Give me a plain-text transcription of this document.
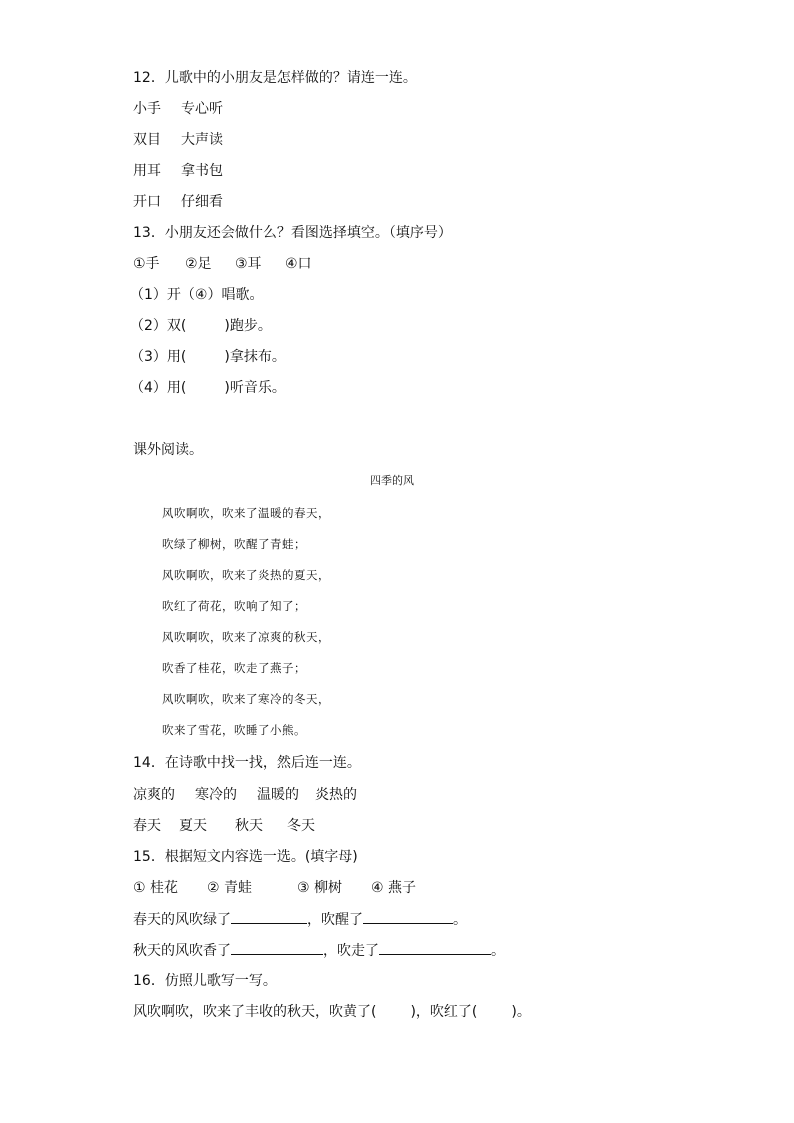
12．儿歌中的小朋友是怎样做的？请连一连。
小手 专心听
双目 大声读
用耳 拿书包
开口 仔细看
13．小朋友还会做什么？看图选择填空。（填序号）
①手 ②足 ③耳 ④口
（1）开（④）唱歌。
（2）双(	)跑步。
（3）用(	)拿抹布。
（4）用(	)听音乐。
课外阅读。
四季的风
风吹啊吹，吹来了温暖的春天，
吹绿了柳树，吹醒了青蛙；
风吹啊吹，吹来了炎热的夏天，
吹红了荷花，吹响了知了；
风吹啊吹，吹来了凉爽的秋天，
吹香了桂花，吹走了燕子；
风吹啊吹，吹来了寒冷的冬天，
吹来了雪花，吹睡了小熊。
14．在诗歌中找一找，然后连一连。
凉爽的 寒冷的 温暖的 炎热的
春天 夏天 秋天 冬天
15．根据短文内容选一选。(填字母)
① 桂花 ② 青蛙	③ 柳树 ④ 燕子
春天的风吹绿了	，吹醒了	。
秋天的风吹香了	，吹走了	。
16．仿照儿歌写一写。
风吹啊吹，吹来了丰收的秋天，吹黄了( )，吹红了( )。
